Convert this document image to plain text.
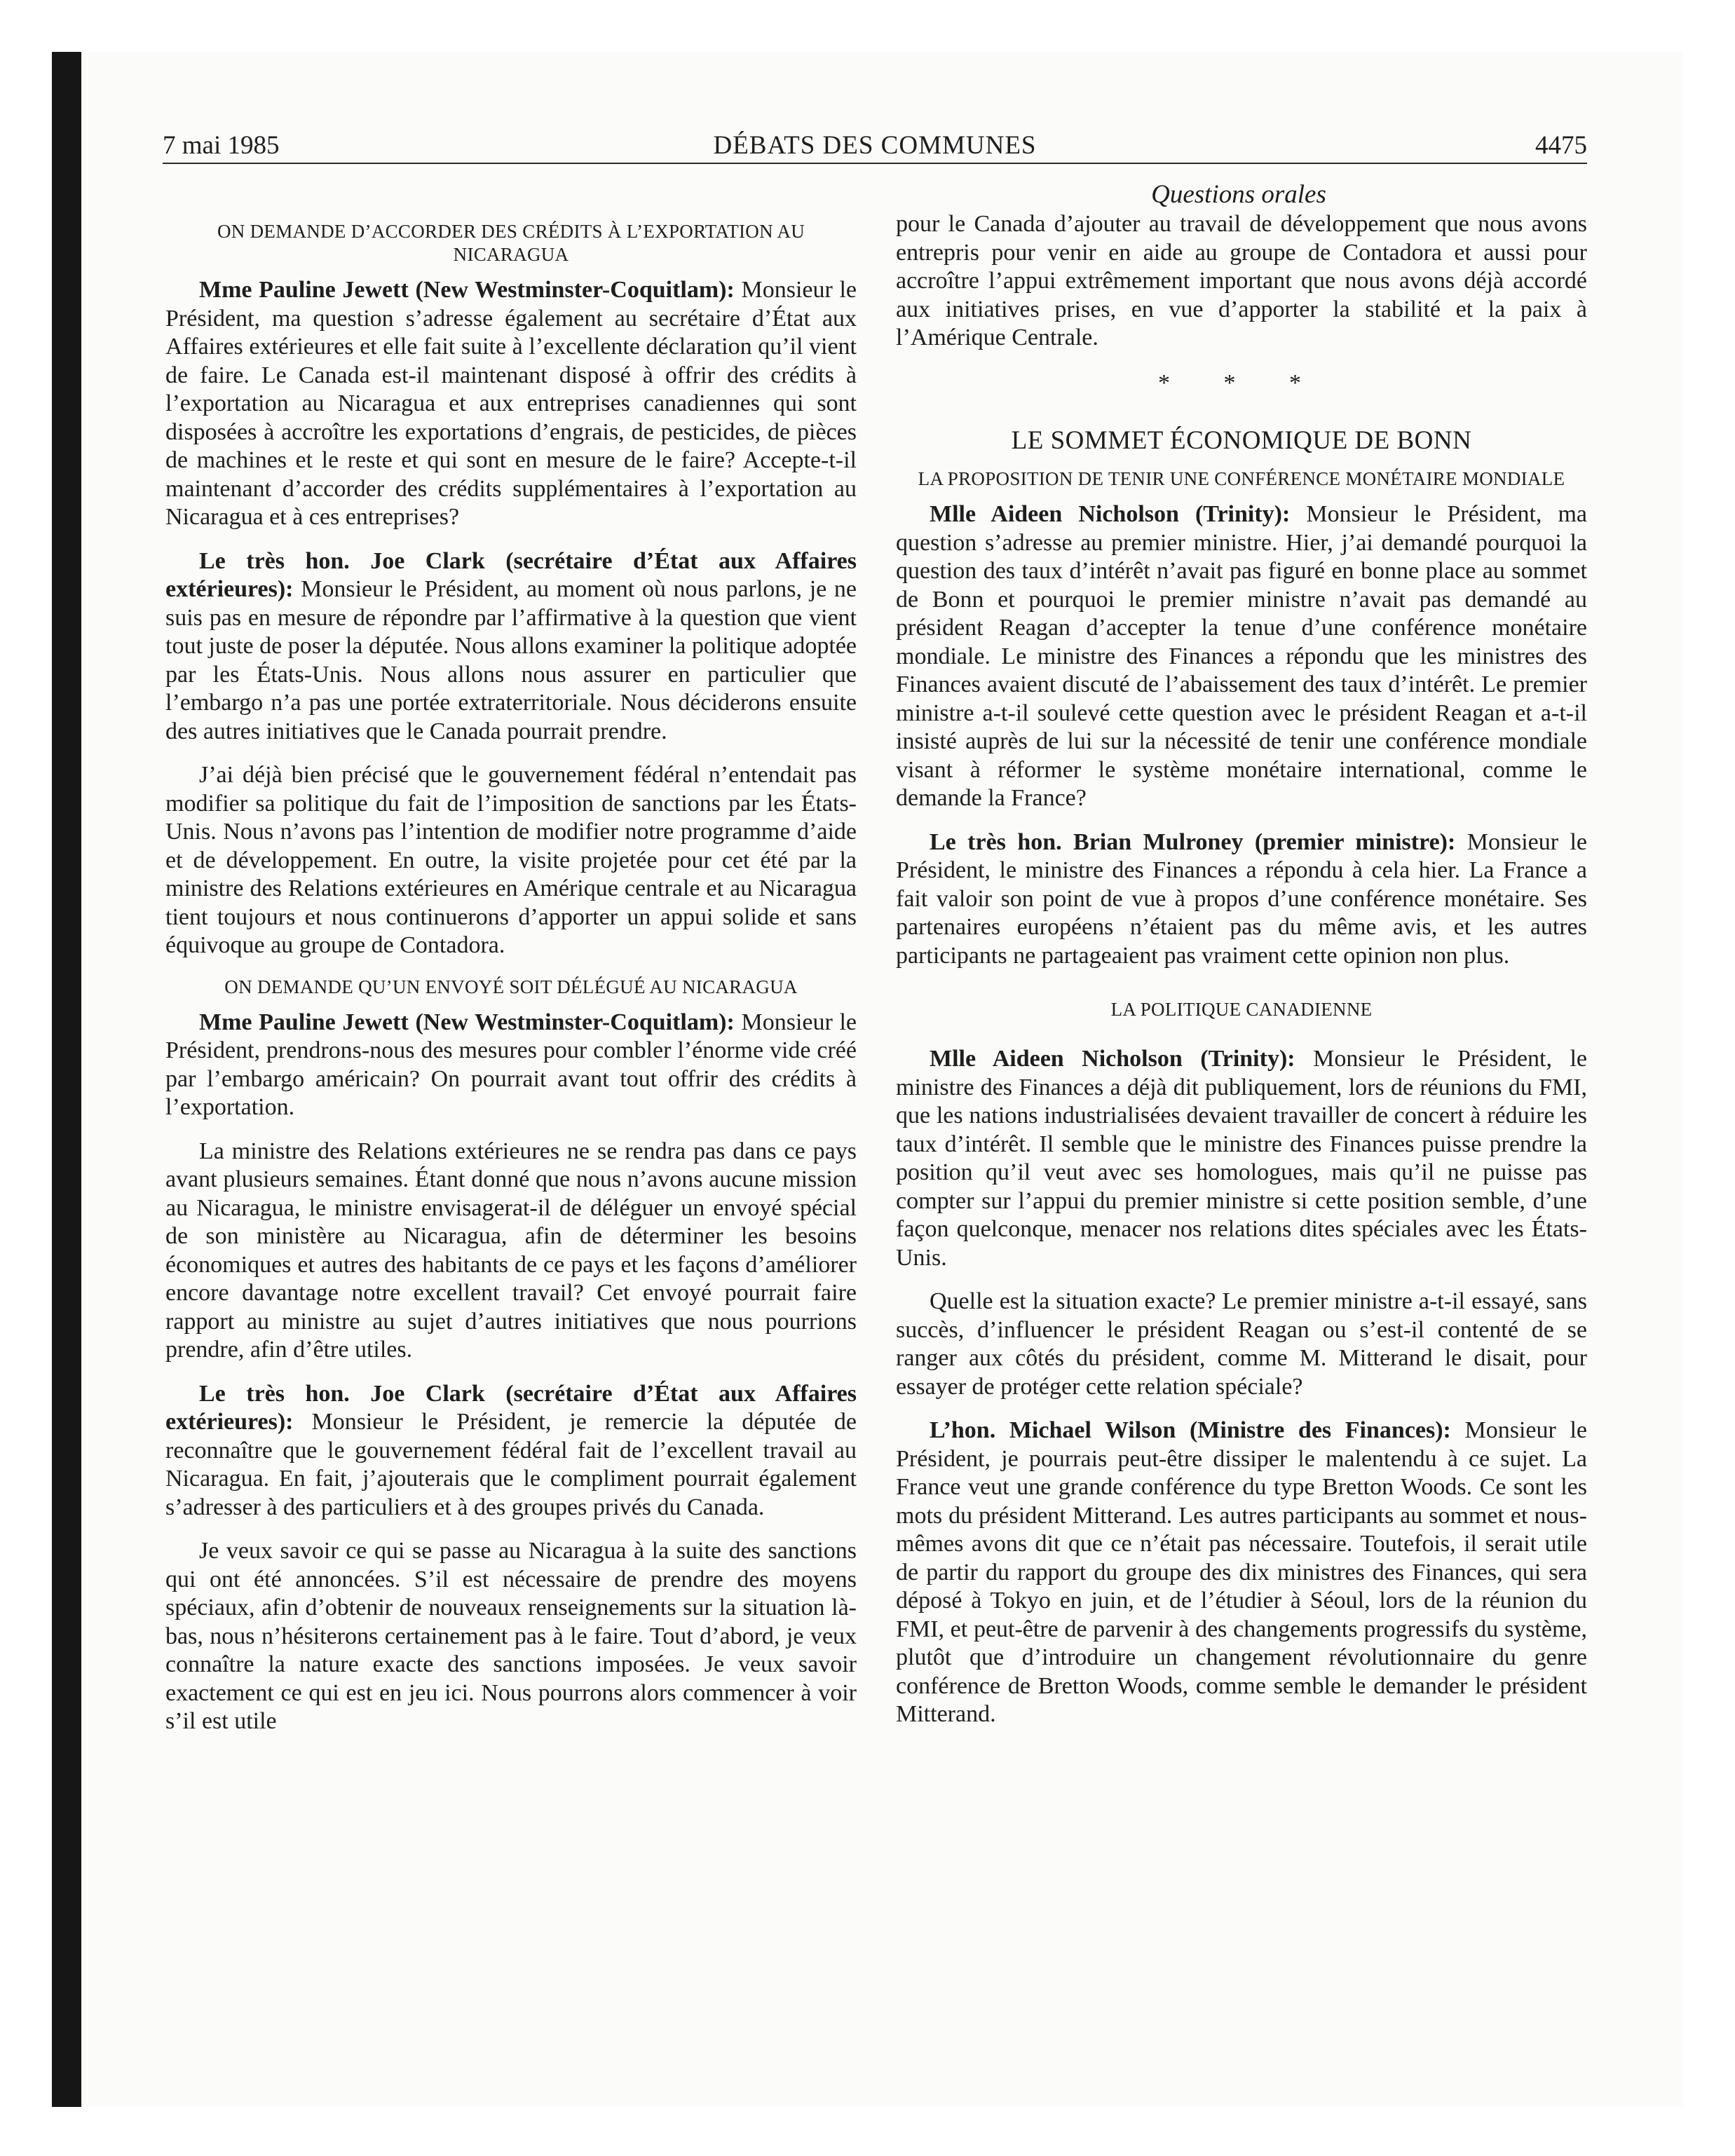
7 mai 1985	DÉBATS DES COMMUNES	4475
Questions orales
ON DEMANDE D’ACCORDER DES CRÉDITS À L’EXPORTATION AU NICARAGUA

Mme Pauline Jewett (New Westminster-Coquitlam): Monsieur le Président, ma question s’adresse également au secrétaire d’État aux Affaires extérieures et elle fait suite à l’excellente déclaration qu’il vient de faire. Le Canada est-il maintenant disposé à offrir des crédits à l’exportation au Nicaragua et aux entreprises canadiennes qui sont disposées à accroître les exportations d’engrais, de pesticides, de pièces de machines et le reste et qui sont en mesure de le faire? Accepte-t-il maintenant d’accorder des crédits supplémentaires à l’exportation au Nicaragua et à ces entreprises?

Le très hon. Joe Clark (secrétaire d’État aux Affaires extérieures): Monsieur le Président, au moment où nous parlons, je ne suis pas en mesure de répondre par l’affirmative à la question que vient tout juste de poser la députée. Nous allons examiner la politique adoptée par les États-Unis. Nous allons nous assurer en particulier que l’embargo n’a pas une portée extraterritoriale. Nous déciderons ensuite des autres initiatives que le Canada pourrait prendre.

J’ai déjà bien précisé que le gouvernement fédéral n’entendait pas modifier sa politique du fait de l’imposition de sanctions par les États-Unis. Nous n’avons pas l’intention de modifier notre programme d’aide et de développement. En outre, la visite projetée pour cet été par la ministre des Relations extérieures en Amérique centrale et au Nicaragua tient toujours et nous continuerons d’apporter un appui solide et sans équivoque au groupe de Contadora.

ON DEMANDE QU’UN ENVOYÉ SOIT DÉLÉGUÉ AU NICARAGUA

Mme Pauline Jewett (New Westminster-Coquitlam): Monsieur le Président, prendrons-nous des mesures pour combler l’énorme vide créé par l’embargo américain? On pourrait avant tout offrir des crédits à l’exportation.

La ministre des Relations extérieures ne se rendra pas dans ce pays avant plusieurs semaines. Étant donné que nous n’avons aucune mission au Nicaragua, le ministre envisagerat-il de déléguer un envoyé spécial de son ministère au Nicaragua, afin de déterminer les besoins économiques et autres des habitants de ce pays et les façons d’améliorer encore davantage notre excellent travail? Cet envoyé pourrait faire rapport au ministre au sujet d’autres initiatives que nous pourrions prendre, afin d’être utiles.

Le très hon. Joe Clark (secrétaire d’État aux Affaires extérieures): Monsieur le Président, je remercie la députée de reconnaître que le gouvernement fédéral fait de l’excellent travail au Nicaragua. En fait, j’ajouterais que le compliment pourrait également s’adresser à des particuliers et à des groupes privés du Canada.

Je veux savoir ce qui se passe au Nicaragua à la suite des sanctions qui ont été annoncées. S’il est nécessaire de prendre des moyens spéciaux, afin d’obtenir de nouveaux renseignements sur la situation là-bas, nous n’hésiterons certainement pas à le faire. Tout d’abord, je veux connaître la nature exacte des sanctions imposées. Je veux savoir exactement ce qui est en jeu ici. Nous pourrons alors commencer à voir s’il est utile

pour le Canada d’ajouter au travail de développement que nous avons entrepris pour venir en aide au groupe de Contadora et aussi pour accroître l’appui extrêmement important que nous avons déjà accordé aux initiatives prises, en vue d’apporter la stabilité et la paix à l’Amérique Centrale.

* * *
LE SOMMET ÉCONOMIQUE DE BONN
LA PROPOSITION DE TENIR UNE CONFÉRENCE MONÉTAIRE MONDIALE

Mlle Aideen Nicholson (Trinity): Monsieur le Président, ma question s’adresse au premier ministre. Hier, j’ai demandé pourquoi la question des taux d’intérêt n’avait pas figuré en bonne place au sommet de Bonn et pourquoi le premier ministre n’avait pas demandé au président Reagan d’accepter la tenue d’une conférence monétaire mondiale. Le ministre des Finances a répondu que les ministres des Finances avaient discuté de l’abaissement des taux d’intérêt. Le premier ministre a-t-il soulevé cette question avec le président Reagan et a-t-il insisté auprès de lui sur la nécessité de tenir une conférence mondiale visant à réformer le système monétaire international, comme le demande la France?

Le très hon. Brian Mulroney (premier ministre): Monsieur le Président, le ministre des Finances a répondu à cela hier. La France a fait valoir son point de vue à propos d’une conférence monétaire. Ses partenaires européens n’étaient pas du même avis, et les autres participants ne partageaient pas vraiment cette opinion non plus.

LA POLITIQUE CANADIENNE

Mlle Aideen Nicholson (Trinity): Monsieur le Président, le ministre des Finances a déjà dit publiquement, lors de réunions du FMI, que les nations industrialisées devaient travailler de concert à réduire les taux d’intérêt. Il semble que le ministre des Finances puisse prendre la position qu’il veut avec ses homologues, mais qu’il ne puisse pas compter sur l’appui du premier ministre si cette position semble, d’une façon quelconque, menacer nos relations dites spéciales avec les États-Unis.

Quelle est la situation exacte? Le premier ministre a-t-il essayé, sans succès, d’influencer le président Reagan ou s’est-il contenté de se ranger aux côtés du président, comme M. Mitterand le disait, pour essayer de protéger cette relation spéciale?

L’hon. Michael Wilson (Ministre des Finances): Monsieur le Président, je pourrais peut-être dissiper le malentendu à ce sujet. La France veut une grande conférence du type Bretton Woods. Ce sont les mots du président Mitterand. Les autres participants au sommet et nous-mêmes avons dit que ce n’était pas nécessaire. Toutefois, il serait utile de partir du rapport du groupe des dix ministres des Finances, qui sera déposé à Tokyo en juin, et de l’étudier à Séoul, lors de la réunion du FMI, et peut-être de parvenir à des changements progressifs du système, plutôt que d’introduire un changement révolutionnaire du genre conférence de Bretton Woods, comme semble le demander le président Mitterand.
